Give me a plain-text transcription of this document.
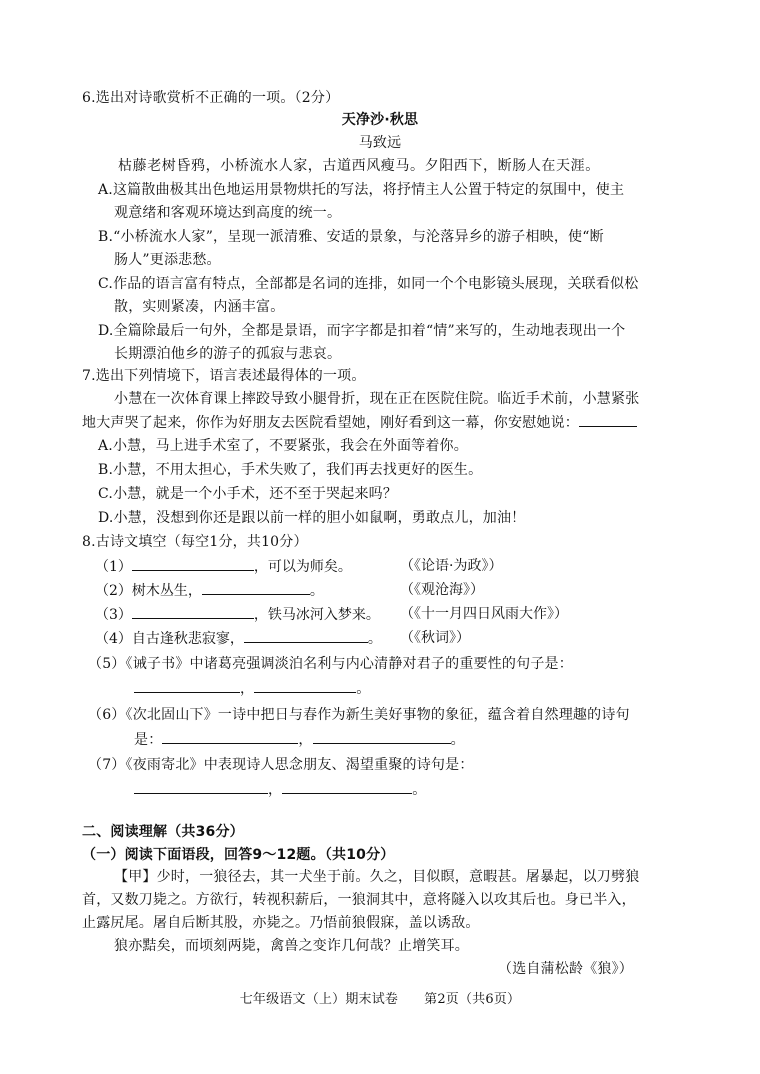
6.选出对诗歌赏析不正确的一项。（2分）
天净沙·秋思
马致远
枯藤老树昏鸦，小桥流水人家，古道西风瘦马。夕阳西下，断肠人在天涯。
A.这篇散曲极其出色地运用景物烘托的写法，将抒情主人公置于特定的氛围中，使主
观意绪和客观环境达到高度的统一。
B.“小桥流水人家”，呈现一派清雅、安适的景象，与沦落异乡的游子相映，使“断
肠人”更添悲愁。
C.作品的语言富有特点，全部都是名词的连排，如同一个个电影镜头展现，关联看似松
散，实则紧凑，内涵丰富。
D.全篇除最后一句外，全都是景语，而字字都是扣着“情”来写的，生动地表现出一个
长期漂泊他乡的游子的孤寂与悲哀。
7.选出下列情境下，语言表述最得体的一项。
小慧在一次体育课上摔跤导致小腿骨折，现在正在医院住院。临近手术前，小慧紧张
地大声哭了起来，你作为好朋友去医院看望她，刚好看到这一幕，你安慰她说：
A.小慧，马上进手术室了，不要紧张，我会在外面等着你。
B.小慧，不用太担心，手术失败了，我们再去找更好的医生。
C.小慧，就是一个小手术，还不至于哭起来吗？
D.小慧，没想到你还是跟以前一样的胆小如鼠啊，勇敢点儿，加油！
8.古诗文填空（每空1分，共10分）
（1）	，可以为师矣。	（《论语·为政》）
（2）树木丛生，	。	（《观沧海》）
（3）	，铁马冰河入梦来。 （《十一月四日风雨大作》）
（4）自古逢秋悲寂寥，	。 （《秋词》）
（5）《诫子书》中诸葛亮强调淡泊名利与内心清静对君子的重要性的句子是：
，	。
（6）《次北固山下》一诗中把日与春作为新生美好事物的象征，蕴含着自然理趣的诗句
是：	，	。
（7）《夜雨寄北》中表现诗人思念朋友、渴望重聚的诗句是：
，	。
二、阅读理解（共36分）
（一）阅读下面语段，回答9～12题。（共10分）
【甲】少时，一狼径去，其一犬坐于前。久之，目似瞑，意暇甚。屠暴起，以刀劈狼
首，又数刀毙之。方欲行，转视积薪后，一狼洞其中，意将隧入以攻其后也。身已半入，
止露尻尾。屠自后断其股，亦毙之。乃悟前狼假寐，盖以诱敌。
狼亦黠矣，而顷刻两毙，禽兽之变诈几何哉？止增笑耳。
（选自蒲松龄《狼》）
七年级语文（上）期末试卷      第2页（共6页）
